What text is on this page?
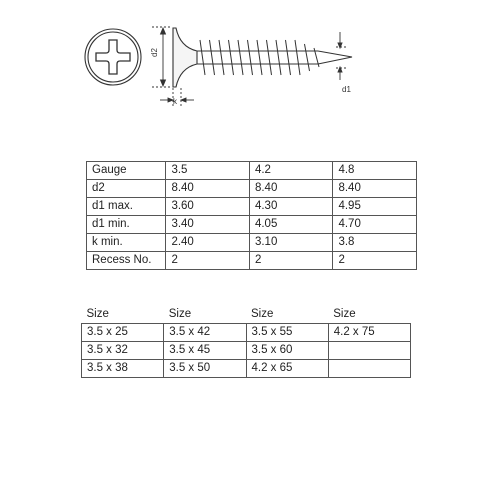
d2
d1
k
Gauge	3.5	4.2	4.8
d2	8.40	8.40	8.40
d1 max.	3.60	4.30	4.95
d1 min.	3.40	4.05	4.70
k min.	2.40	3.10	3.8
Recess No.	2	2	2
Size	Size	Size	Size
3.5 x 25	3.5 x 42	3.5 x 55	4.2 x 75
3.5 x 32	3.5 x 45	3.5 x 60	
3.5 x 38	3.5 x 50	4.2 x 65	
